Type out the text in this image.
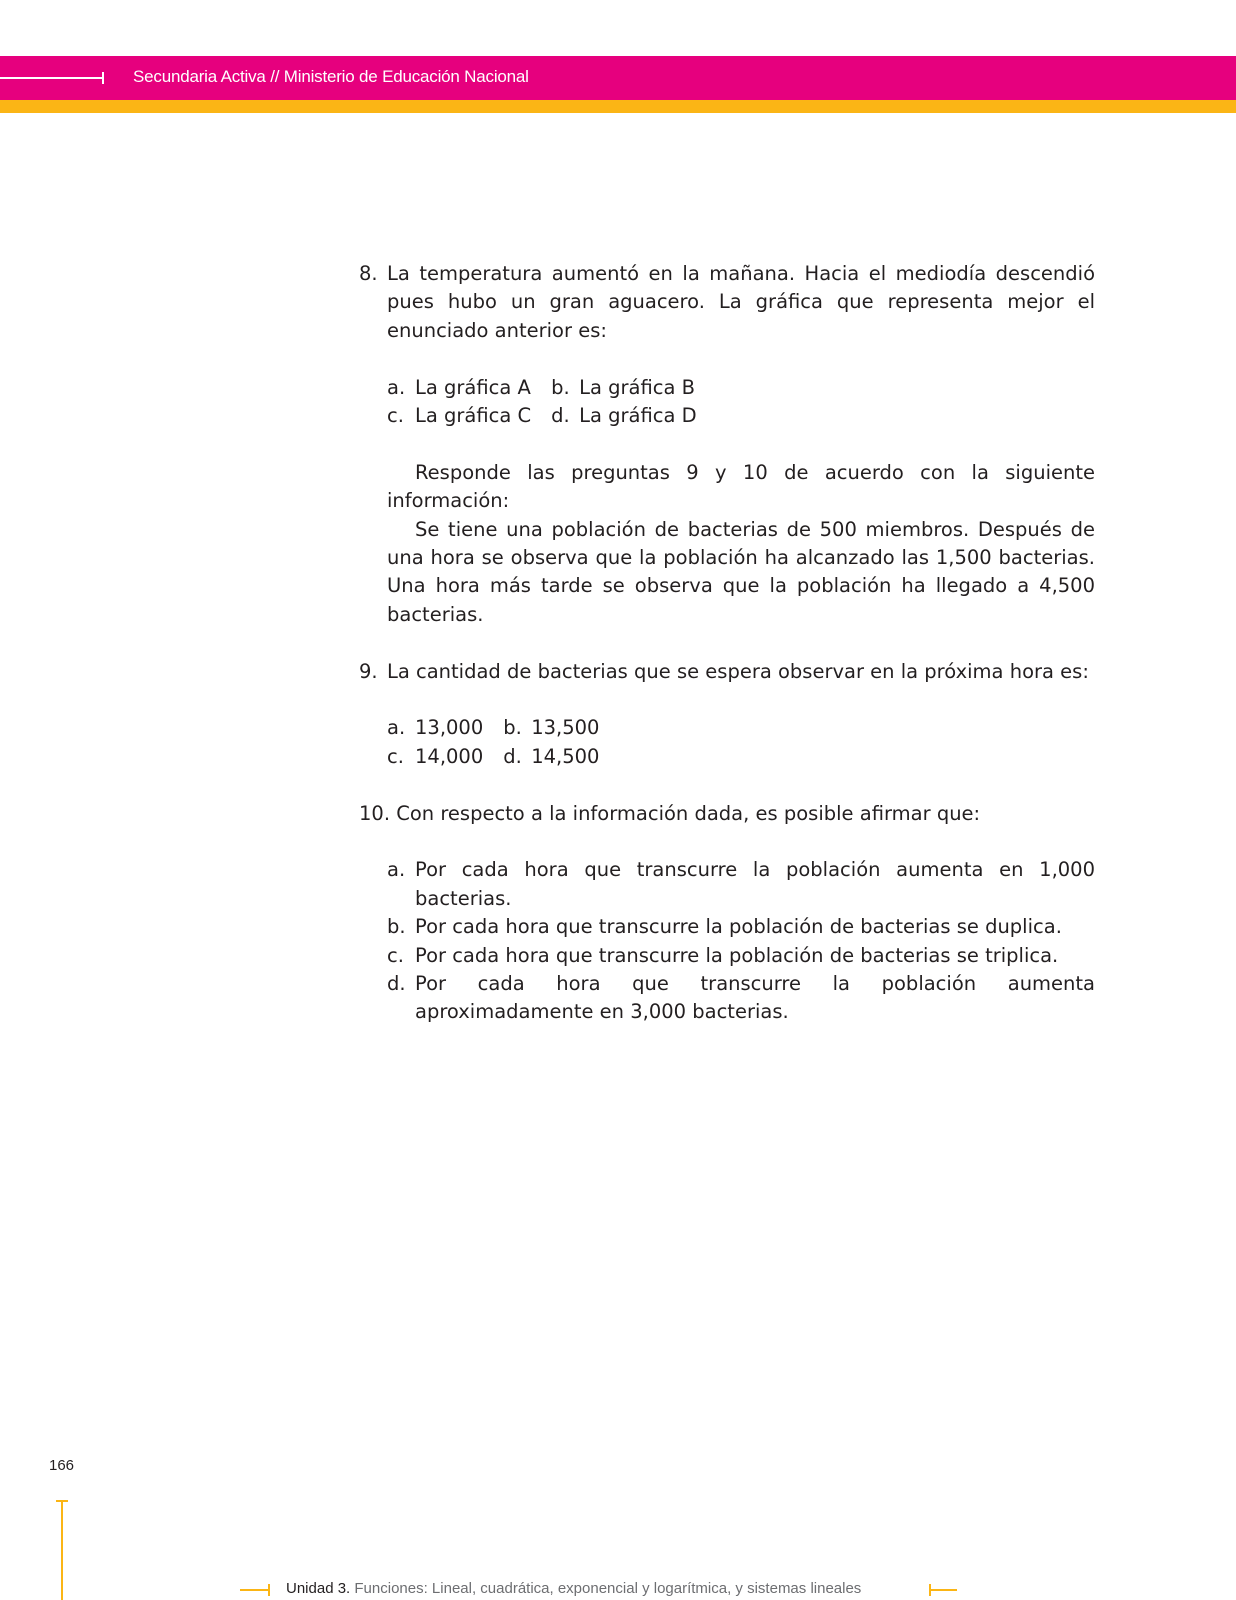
Secundaria Activa // Ministerio de Educación Nacional
8. La temperatura aumentó en la mañana. Hacia el mediodía descendió pues hubo un gran aguacero. La gráfica que representa mejor el enunciado anterior es:
a. La gráfica A b. La gráfica B
c. La gráfica C d. La gráfica D
Responde las preguntas 9 y 10 de acuerdo con la siguiente información:
Se tiene una población de bacterias de 500 miembros. Después de una hora se observa que la población ha alcanzado las 1,500 bacterias. Una hora más tarde se observa que la población ha llegado a 4,500 bacterias.
9. La cantidad de bacterias que se espera observar en la próxima hora es:
a. 13,000 b. 13,500
c. 14,000 d. 14,500
10. Con respecto a la información dada, es posible afirmar que:
a. Por cada hora que transcurre la población aumenta en 1,000 bacterias.
b. Por cada hora que transcurre la población de bacterias se duplica.
c. Por cada hora que transcurre la población de bacterias se triplica.
d. Por cada hora que transcurre la población aumenta aproximadamente en 3,000 bacterias.
166
Unidad 3. Funciones: Lineal, cuadrática, exponencial y logarítmica, y sistemas lineales
